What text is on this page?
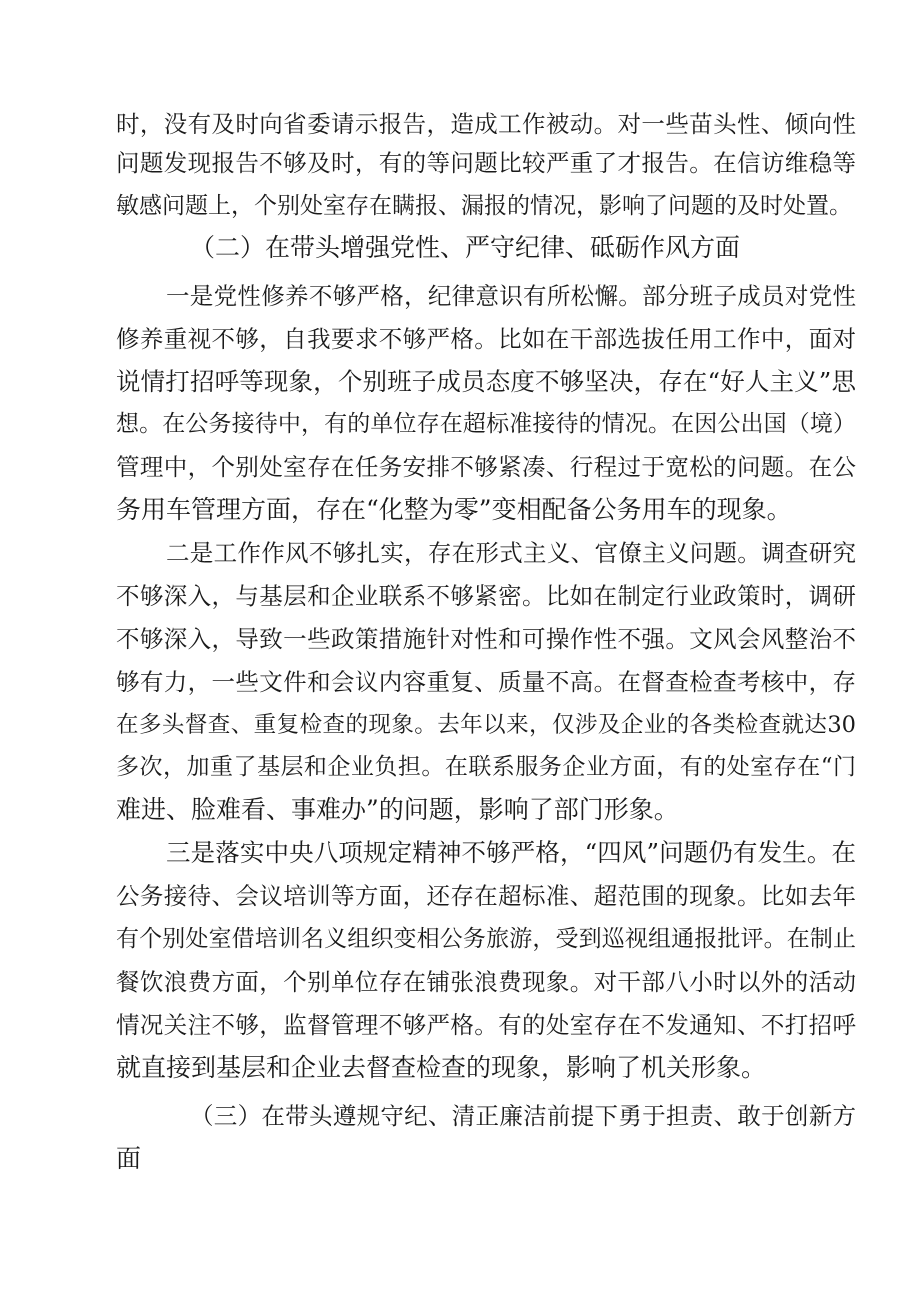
时，没有及时向省委请示报告，造成工作被动。对一些苗头性、倾向性
问题发现报告不够及时，有的等问题比较严重了才报告。在信访维稳等
敏感问题上，个别处室存在瞒报、漏报的情况，影响了问题的及时处置。
（二）在带头增强党性、严守纪律、砥砺作风方面
一是党性修养不够严格，纪律意识有所松懈。部分班子成员对党性
修养重视不够，自我要求不够严格。比如在干部选拔任用工作中，面对
说情打招呼等现象，个别班子成员态度不够坚决，存在“好人主义”思
想。在公务接待中，有的单位存在超标准接待的情况。在因公出国（境）
管理中，个别处室存在任务安排不够紧凑、行程过于宽松的问题。在公
务用车管理方面，存在“化整为零”变相配备公务用车的现象。
二是工作作风不够扎实，存在形式主义、官僚主义问题。调查研究
不够深入，与基层和企业联系不够紧密。比如在制定行业政策时，调研
不够深入，导致一些政策措施针对性和可操作性不强。文风会风整治不
够有力，一些文件和会议内容重复、质量不高。在督查检查考核中，存
在多头督查、重复检查的现象。去年以来，仅涉及企业的各类检查就达30
多次，加重了基层和企业负担。在联系服务企业方面，有的处室存在“门
难进、脸难看、事难办”的问题，影响了部门形象。
三是落实中央八项规定精神不够严格，“四风”问题仍有发生。在
公务接待、会议培训等方面，还存在超标准、超范围的现象。比如去年
有个别处室借培训名义组织变相公务旅游，受到巡视组通报批评。在制止
餐饮浪费方面，个别单位存在铺张浪费现象。对干部八小时以外的活动
情况关注不够，监督管理不够严格。有的处室存在不发通知、不打招呼
就直接到基层和企业去督查检查的现象，影响了机关形象。
（三）在带头遵规守纪、清正廉洁前提下勇于担责、敢于创新方
面
